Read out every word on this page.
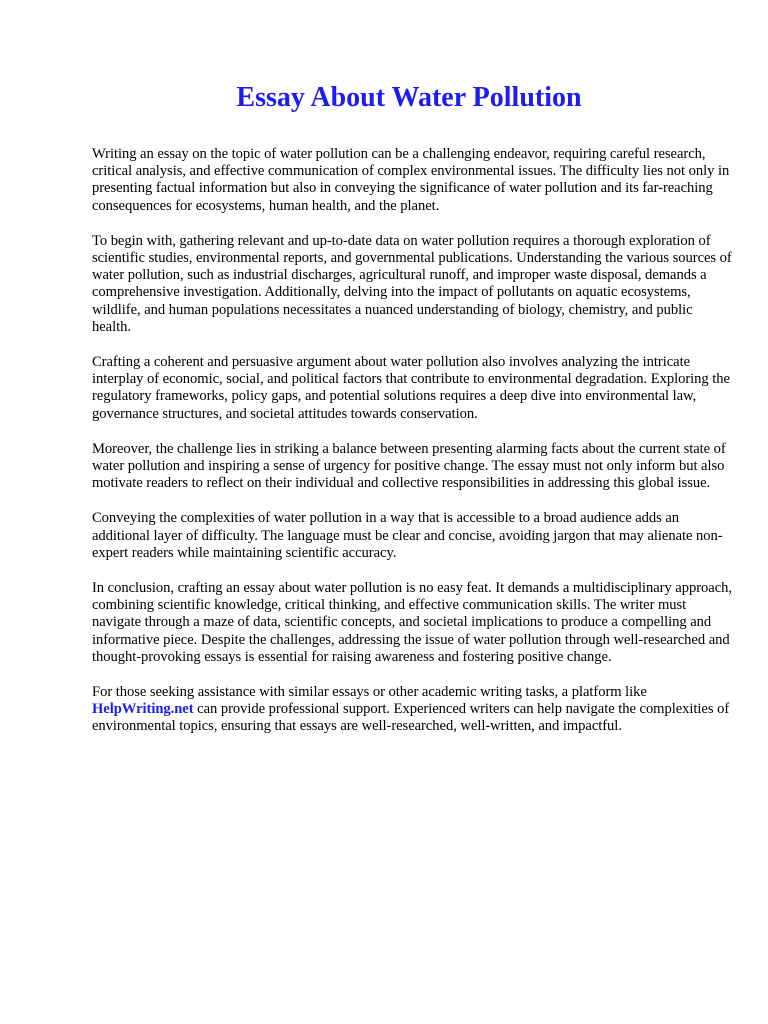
Essay About Water Pollution

Writing an essay on the topic of water pollution can be a challenging endeavor, requiring careful research, critical analysis, and effective communication of complex environmental issues. The difficulty lies not only in presenting factual information but also in conveying the significance of water pollution and its far-reaching consequences for ecosystems, human health, and the planet.

To begin with, gathering relevant and up-to-date data on water pollution requires a thorough exploration of scientific studies, environmental reports, and governmental publications. Understanding the various sources of water pollution, such as industrial discharges, agricultural runoff, and improper waste disposal, demands a comprehensive investigation. Additionally, delving into the impact of pollutants on aquatic ecosystems, wildlife, and human populations necessitates a nuanced understanding of biology, chemistry, and public health.

Crafting a coherent and persuasive argument about water pollution also involves analyzing the intricate interplay of economic, social, and political factors that contribute to environmental degradation. Exploring the regulatory frameworks, policy gaps, and potential solutions requires a deep dive into environmental law, governance structures, and societal attitudes towards conservation.

Moreover, the challenge lies in striking a balance between presenting alarming facts about the current state of water pollution and inspiring a sense of urgency for positive change. The essay must not only inform but also motivate readers to reflect on their individual and collective responsibilities in addressing this global issue.

Conveying the complexities of water pollution in a way that is accessible to a broad audience adds an additional layer of difficulty. The language must be clear and concise, avoiding jargon that may alienate non-expert readers while maintaining scientific accuracy.

In conclusion, crafting an essay about water pollution is no easy feat. It demands a multidisciplinary approach, combining scientific knowledge, critical thinking, and effective communication skills. The writer must navigate through a maze of data, scientific concepts, and societal implications to produce a compelling and informative piece. Despite the challenges, addressing the issue of water pollution through well-researched and thought-provoking essays is essential for raising awareness and fostering positive change.

For those seeking assistance with similar essays or other academic writing tasks, a platform like HelpWriting.net can provide professional support. Experienced writers can help navigate the complexities of environmental topics, ensuring that essays are well-researched, well-written, and impactful.
